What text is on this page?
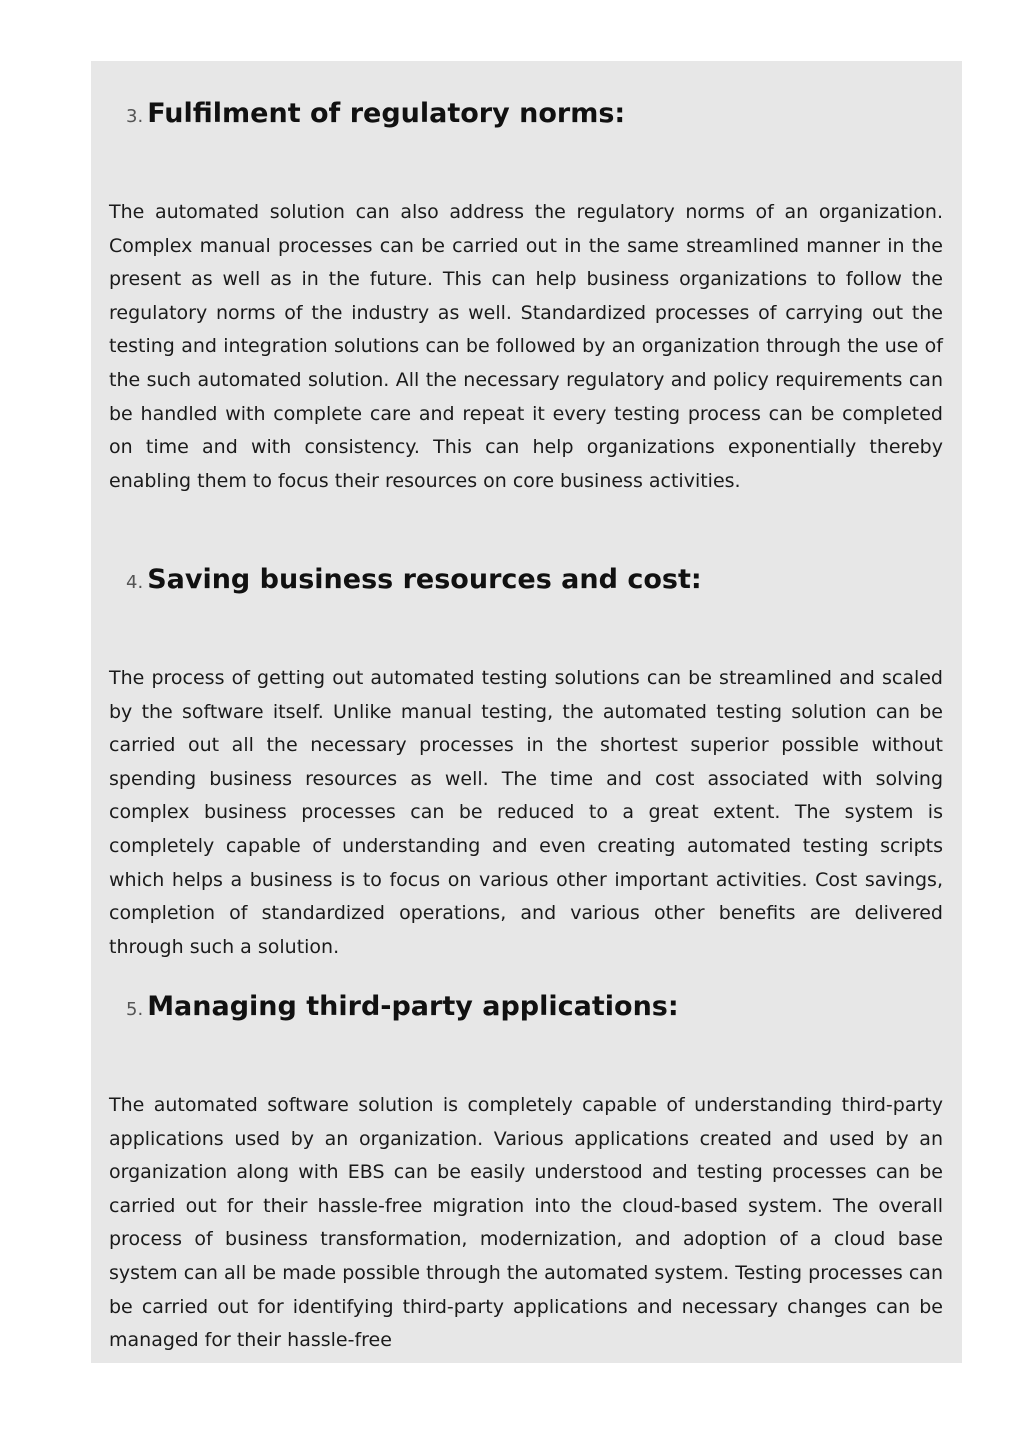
3. Fulfilment of regulatory norms:

The automated solution can also address the regulatory norms of an organization. Complex manual processes can be carried out in the same streamlined manner in the present as well as in the future. This can help business organizations to follow the regulatory norms of the industry as well. Standardized processes of carrying out the testing and integration solutions can be followed by an organization through the use of the such automated solution. All the necessary regulatory and policy requirements can be handled with complete care and repeat it every testing process can be completed on time and with consistency. This can help organizations exponentially thereby enabling them to focus their resources on core business activities.

4. Saving business resources and cost:

The process of getting out automated testing solutions can be streamlined and scaled by the software itself. Unlike manual testing, the automated testing solution can be carried out all the necessary processes in the shortest superior possible without spending business resources as well. The time and cost associated with solving complex business processes can be reduced to a great extent. The system is completely capable of understanding and even creating automated testing scripts which helps a business is to focus on various other important activities. Cost savings, completion of standardized operations, and various other benefits are delivered through such a solution.

5. Managing third-party applications:

The automated software solution is completely capable of understanding third-party applications used by an organization. Various applications created and used by an organization along with EBS can be easily understood and testing processes can be carried out for their hassle-free migration into the cloud-based system. The overall process of business transformation, modernization, and adoption of a cloud base system can all be made possible through the automated system. Testing processes can be carried out for identifying third-party applications and necessary changes can be managed for their hassle-free
